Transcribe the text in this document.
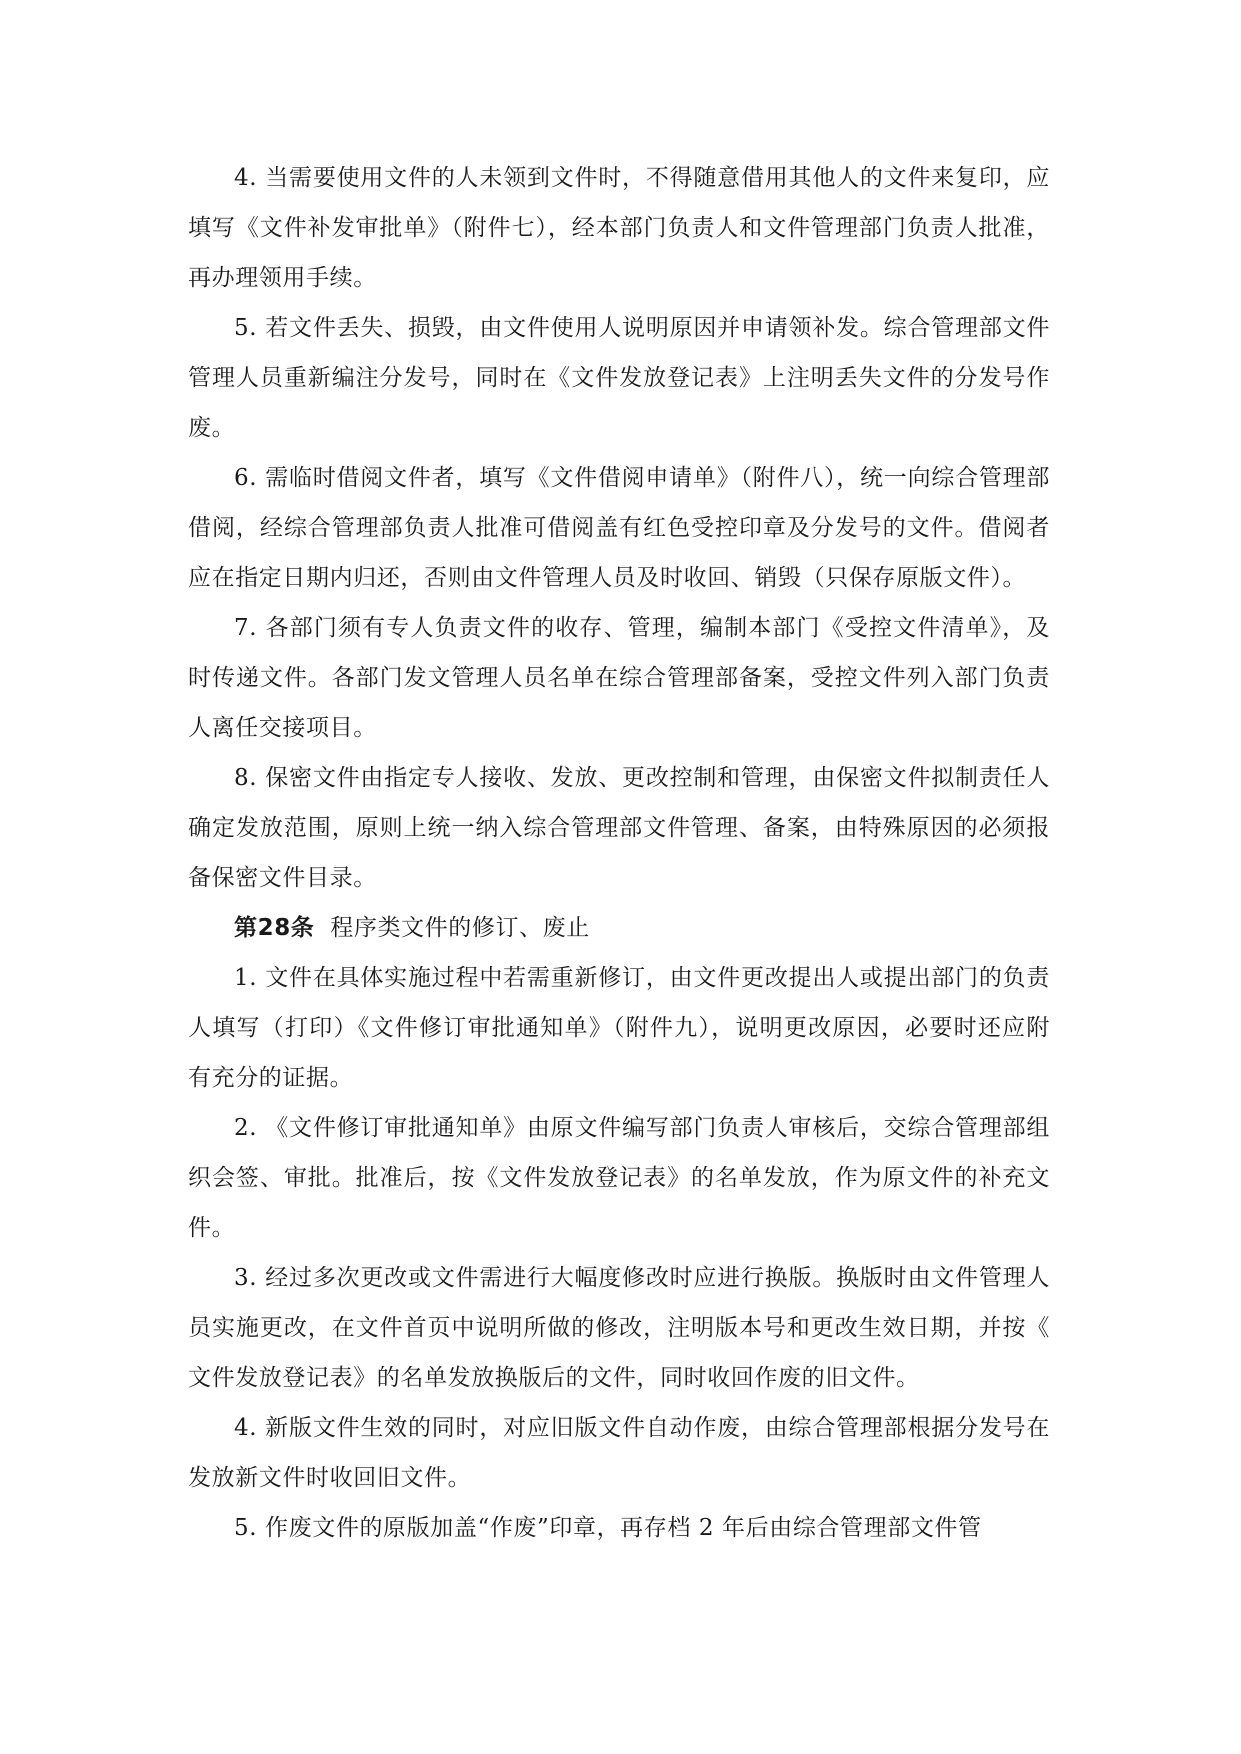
4. 当需要使用文件的人未领到文件时，不得随意借用其他人的文件来复印，应填写《文件补发审批单》（附件七），经本部门负责人和文件管理部门负责人批准，再办理领用手续。

5. 若文件丢失、损毁，由文件使用人说明原因并申请领补发。综合管理部文件管理人员重新编注分发号，同时在《文件发放登记表》上注明丢失文件的分发号作废。

6. 需临时借阅文件者，填写《文件借阅申请单》（附件八），统一向综合管理部借阅，经综合管理部负责人批准可借阅盖有红色受控印章及分发号的文件。借阅者应在指定日期内归还，否则由文件管理人员及时收回、销毁（只保存原版文件）。

7. 各部门须有专人负责文件的收存、管理，编制本部门《受控文件清单》，及时传递文件。各部门发文管理人员名单在综合管理部备案，受控文件列入部门负责人离任交接项目。

8. 保密文件由指定专人接收、发放、更改控制和管理，由保密文件拟制责任人确定发放范围，原则上统一纳入综合管理部文件管理、备案，由特殊原因的必须报备保密文件目录。

第28条 程序类文件的修订、废止

1. 文件在具体实施过程中若需重新修订，由文件更改提出人或提出部门的负责人填写（打印）《文件修订审批通知单》（附件九），说明更改原因，必要时还应附有充分的证据。

2. 《文件修订审批通知单》由原文件编写部门负责人审核后，交综合管理部组织会签、审批。批准后，按《文件发放登记表》的名单发放，作为原文件的补充文件。

3. 经过多次更改或文件需进行大幅度修改时应进行换版。换版时由文件管理人员实施更改，在文件首页中说明所做的修改，注明版本号和更改生效日期，并按《文件发放登记表》的名单发放换版后的文件，同时收回作废的旧文件。

4. 新版文件生效的同时，对应旧版文件自动作废，由综合管理部根据分发号在发放新文件时收回旧文件。

5. 作废文件的原版加盖“作废”印章，再存档 2 年后由综合管理部文件管
